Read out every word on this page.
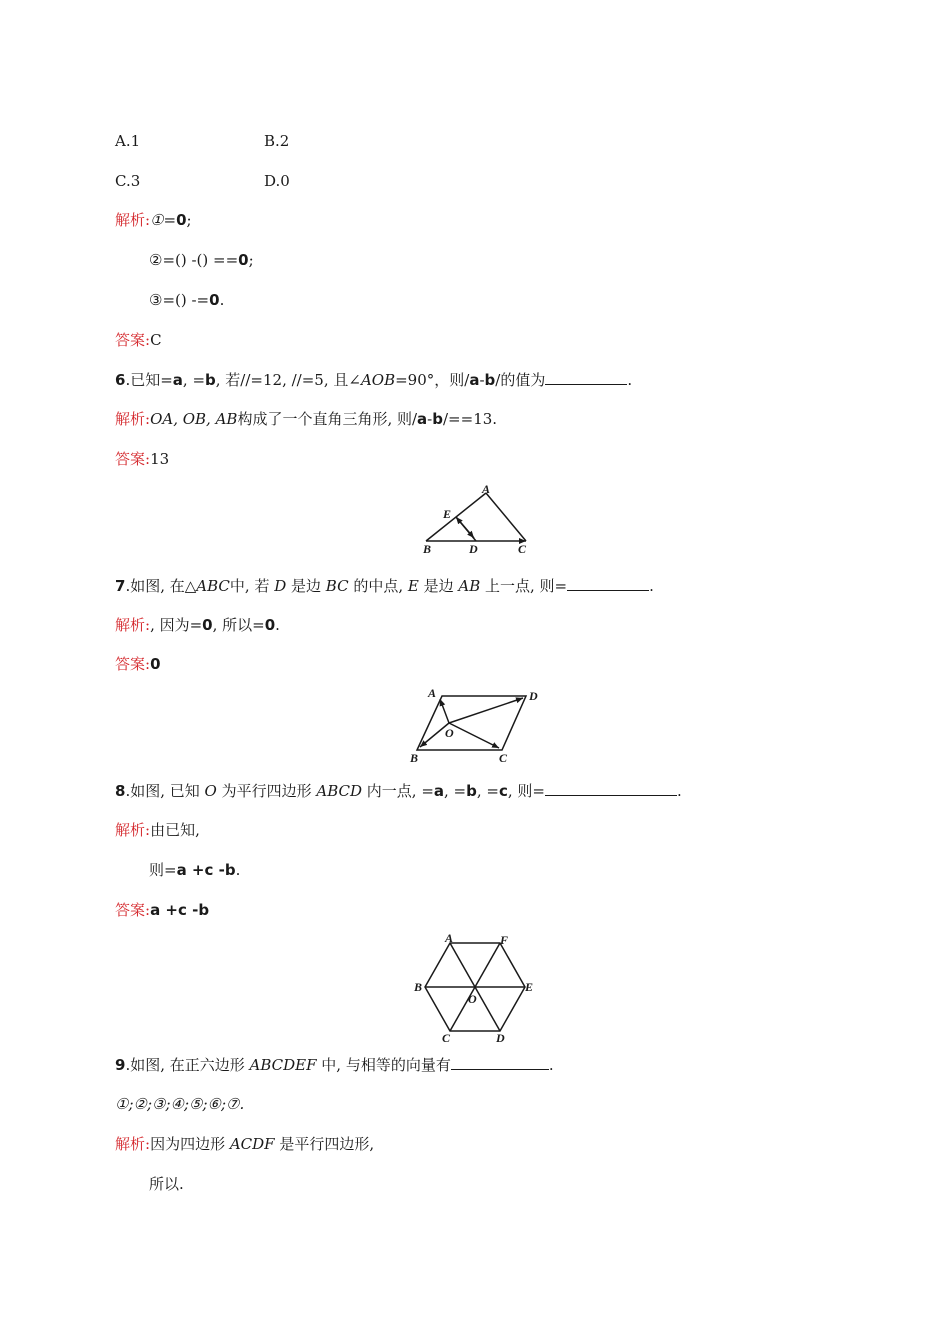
A.1	B.2
C.3	D.0
解析:①=0;
②=() -() ==0;
③=() -=0.
答案:C
6.已知=a, =b, 若//=12, //=5, 且∠AOB=90°，则/a-b/的值为	.
解析:OA, OB, AB构成了一个直角三角形, 则/a-b/==13.
答案:13
A
E
B	D	C
7.如图, 在△ABC中, 若 D 是边 BC 的中点, E 是边 AB 上一点, 则=	.
解析:, 因为=0, 所以=0.
答案:0
A	D
O
B	C
8.如图, 已知 O 为平行四边形 ABCD 内一点, =a, =b, =c, 则=	.
解析:由已知,
则=a +c -b.
答案:a +c -b
A	F
B
O
E
C	D
9.如图, 在正六边形 ABCDEF 中, 与相等的向量有	.
①;②;③;④;⑤;⑥;⑦.
解析:因为四边形 ACDF 是平行四边形,
所以.
